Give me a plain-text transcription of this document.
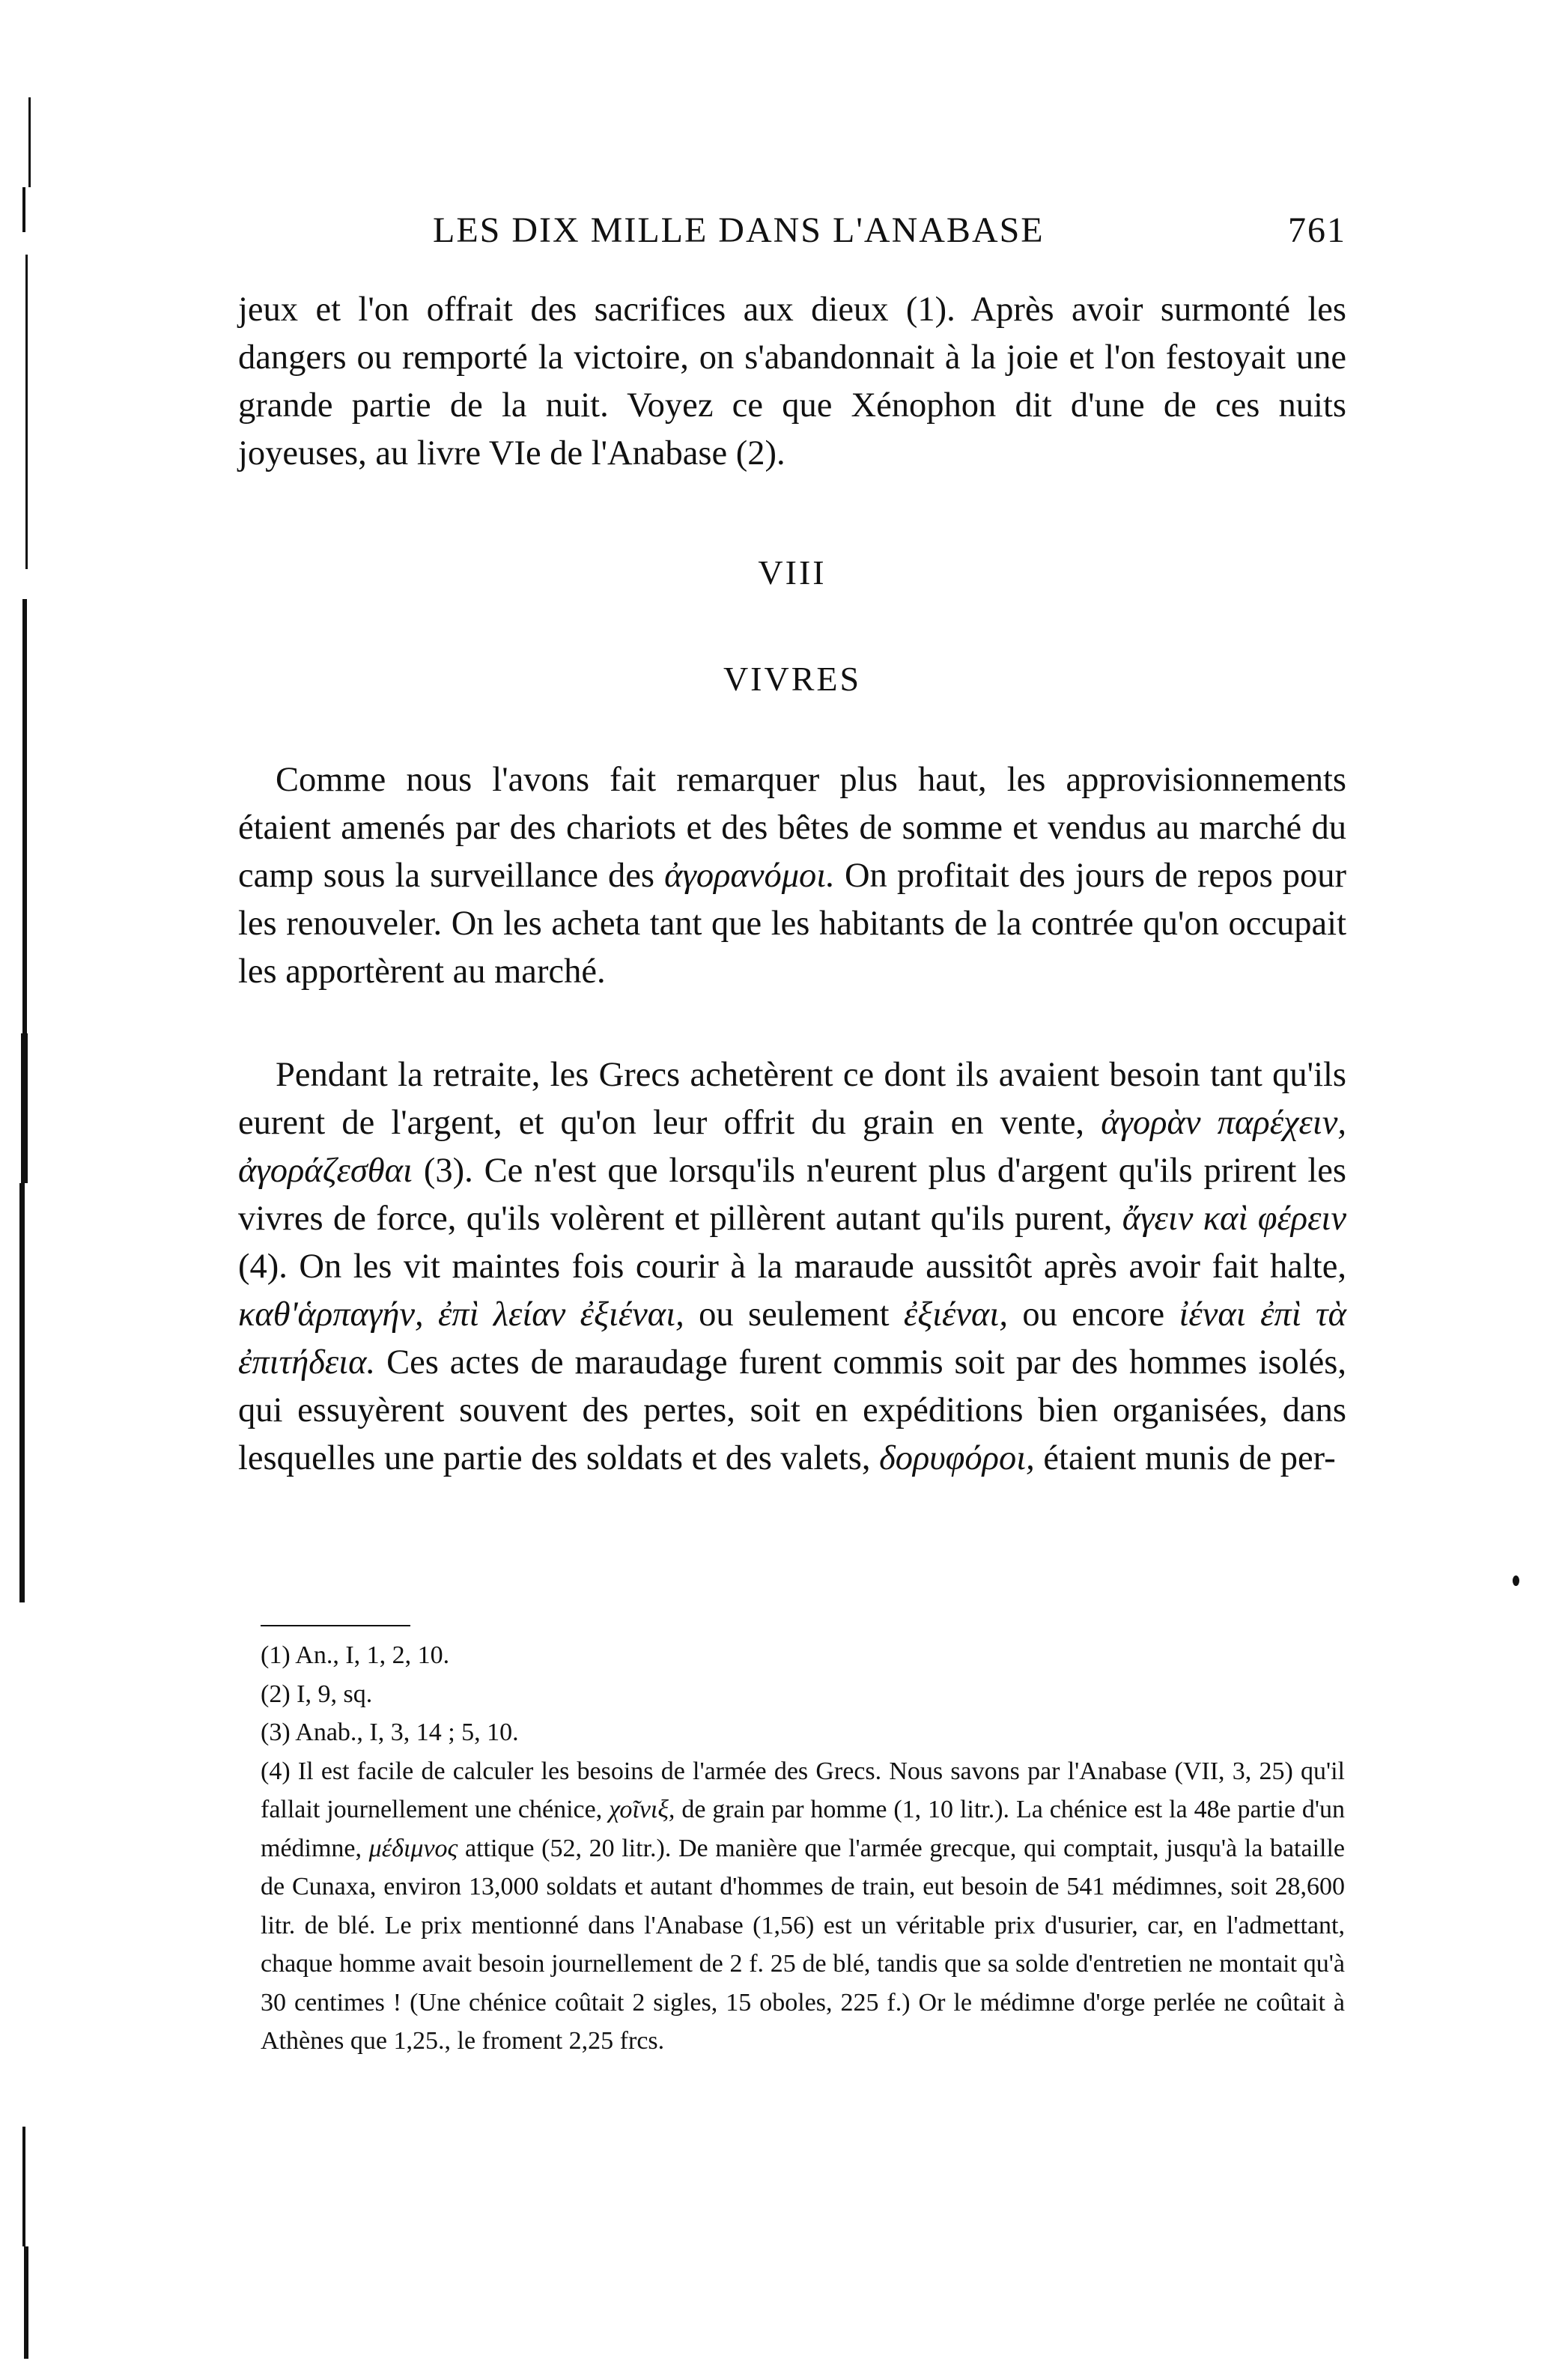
LES DIX MILLE DANS L'ANABASE	761

jeux et l'on offrait des sacrifices aux dieux (1). Après avoir surmonté les dangers ou remporté la victoire, on s'abandonnait à la joie et l'on festoyait une grande partie de la nuit. Voyez ce que Xénophon dit d'une de ces nuits joyeuses, au livre VIe de l'Anabase (2).

VIII
VIVRES

Comme nous l'avons fait remarquer plus haut, les approvisionnements étaient amenés par des chariots et des bêtes de somme et vendus au marché du camp sous la surveillance des ἀγορανόμοι. On profitait des jours de repos pour les renouveler. On les acheta tant que les habitants de la contrée qu'on occupait les apportèrent au marché.

Pendant la retraite, les Grecs achetèrent ce dont ils avaient besoin tant qu'ils eurent de l'argent, et qu'on leur offrit du grain en vente, ἀγορὰν παρέχειν, ἀγοράζεσθαι (3). Ce n'est que lorsqu'ils n'eurent plus d'argent qu'ils prirent les vivres de force, qu'ils volèrent et pillèrent autant qu'ils purent, ἄγειν καὶ φέρειν (4). On les vit maintes fois courir à la maraude aussitôt après avoir fait halte, καθ'ἁρπαγήν, ἐπὶ λείαν ἐξιέναι, ou seulement ἐξιέναι, ou encore ἰέναι ἐπὶ τὰ ἐπιτήδεια. Ces actes de maraudage furent commis soit par des hommes isolés, qui essuyèrent souvent des pertes, soit en expéditions bien organisées, dans lesquelles une partie des soldats et des valets, δορυφόροι, étaient munis de per-

(1) An., I, 1, 2, 10.

(2) I, 9, sq.

(3) Anab., I, 3, 14 ; 5, 10.

(4) Il est facile de calculer les besoins de l'armée des Grecs. Nous savons par l'Anabase (VII, 3, 25) qu'il fallait journellement une chénice, χοῖνιξ, de grain par homme (1, 10 litr.). La chénice est la 48e partie d'un médimne, μέδιμνος attique (52, 20 litr.). De manière que l'armée grecque, qui comptait, jusqu'à la bataille de Cunaxa, environ 13,000 soldats et autant d'hommes de train, eut besoin de 541 médimnes, soit 28,600 litr. de blé. Le prix mentionné dans l'Anabase (1,56) est un véritable prix d'usurier, car, en l'admettant, chaque homme avait besoin journellement de 2 f. 25 de blé, tandis que sa solde d'entretien ne montait qu'à 30 centimes ! (Une chénice coûtait 2 sigles, 15 oboles, 225 f.) Or le médimne d'orge perlée ne coûtait à Athènes que 1,25., le froment 2,25 frcs.
